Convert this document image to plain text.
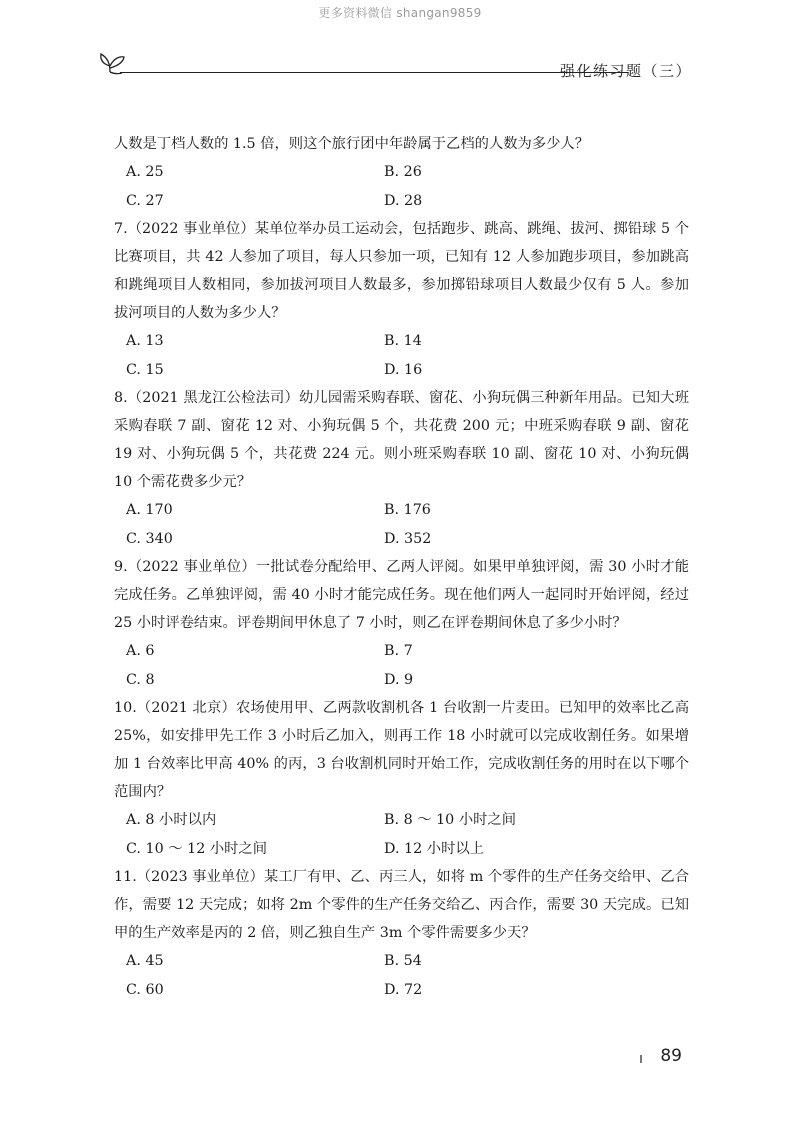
更多资料微信 shangan9859
强化练习题（三）

人数是丁档人数的 1.5 倍，则这个旅行团中年龄属于乙档的人数为多少人？

A. 25	B. 26
C. 27	D. 28

7.（2022 事业单位）某单位举办员工运动会，包括跑步、跳高、跳绳、拔河、掷铅球 5 个比赛项目，共 42 人参加了项目，每人只参加一项，已知有 12 人参加跑步项目，参加跳高和跳绳项目人数相同，参加拔河项目人数最多，参加掷铅球项目人数最少仅有 5 人。参加拔河项目的人数为多少人？

A. 13	B. 14
C. 15	D. 16

8.（2021 黑龙江公检法司）幼儿园需采购春联、窗花、小狗玩偶三种新年用品。已知大班采购春联 7 副、窗花 12 对、小狗玩偶 5 个，共花费 200 元；中班采购春联 9 副、窗花 19 对、小狗玩偶 5 个，共花费 224 元。则小班采购春联 10 副、窗花 10 对、小狗玩偶 10 个需花费多少元？

A. 170	B. 176
C. 340	D. 352

9.（2022 事业单位）一批试卷分配给甲、乙两人评阅。如果甲单独评阅，需 30 小时才能完成任务。乙单独评阅，需 40 小时才能完成任务。现在他们两人一起同时开始评阅，经过 25 小时评卷结束。评卷期间甲休息了 7 小时，则乙在评卷期间休息了多少小时？

A. 6	B. 7
C. 8	D. 9

10.（2021 北京）农场使用甲、乙两款收割机各 1 台收割一片麦田。已知甲的效率比乙高 25%，如安排甲先工作 3 小时后乙加入，则再工作 18 小时就可以完成收割任务。如果增加 1 台效率比甲高 40% 的丙，3 台收割机同时开始工作，完成收割任务的用时在以下哪个范围内？

A. 8 小时以内	B. 8 ～ 10 小时之间
C. 10 ～ 12 小时之间	D. 12 小时以上

11.（2023 事业单位）某工厂有甲、乙、丙三人，如将 m 个零件的生产任务交给甲、乙合作，需要 12 天完成；如将 2m 个零件的生产任务交给乙、丙合作，需要 30 天完成。已知甲的生产效率是丙的 2 倍，则乙独自生产 3m 个零件需要多少天？

A. 45	B. 54
C. 60	D. 72
89
